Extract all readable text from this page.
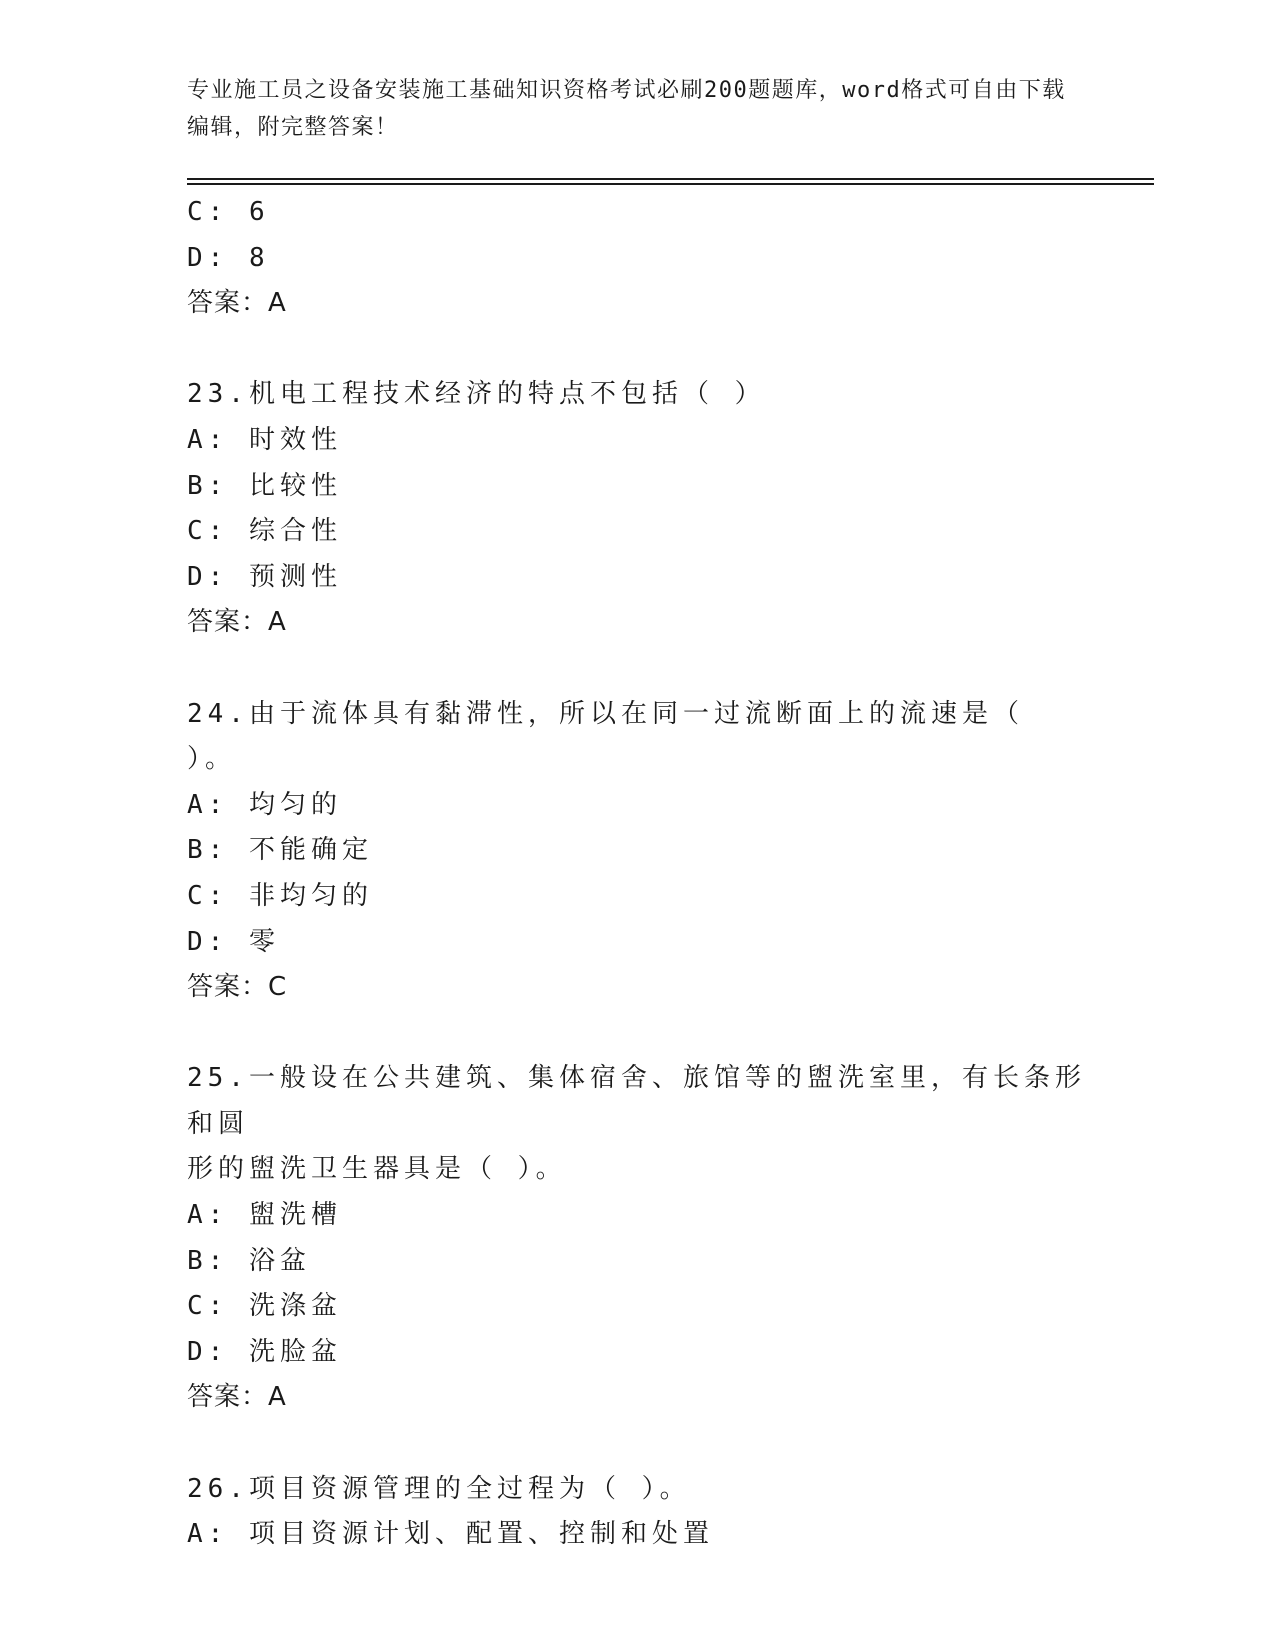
专业施工员之设备安装施工基础知识资格考试必刷200题题库，word格式可自由下载编辑，附完整答案！

C: 6

D: 8

答案：A

23.机电工程技术经济的特点不包括（ ）

A: 时效性

B: 比较性

C: 综合性

D: 预测性

答案：A

24.由于流体具有黏滞性，所以在同一过流断面上的流速是（ ）。

A: 均匀的

B: 不能确定

C: 非均匀的

D: 零

答案：C

25.一般设在公共建筑、集体宿舍、旅馆等的盥洗室里，有长条形和圆

形的盥洗卫生器具是（ ）。

A: 盥洗槽

B: 浴盆

C: 洗涤盆

D: 洗脸盆

答案：A

26.项目资源管理的全过程为（ ）。

A: 项目资源计划、配置、控制和处置
